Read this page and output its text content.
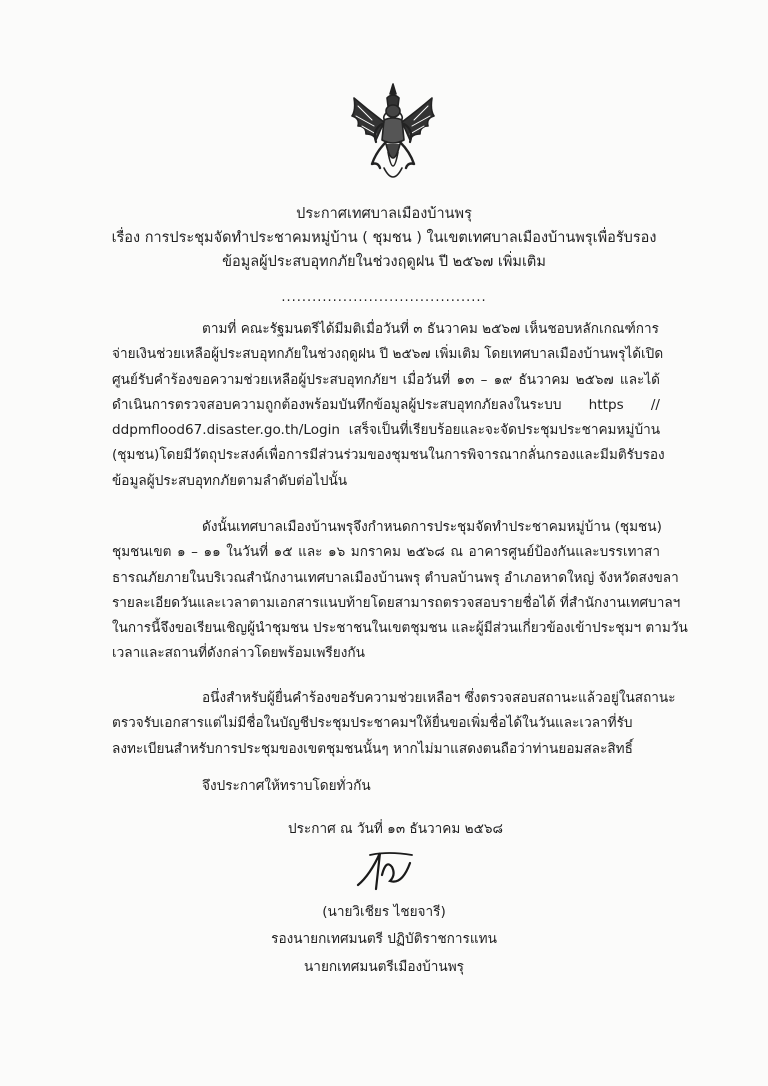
ประกาศเทศบาลเมืองบ้านพรุ
เรื่อง การประชุมจัดทำประชาคมหมู่บ้าน ( ชุมชน ) ในเขตเทศบาลเมืองบ้านพรุเพื่อรับรอง
ข้อมูลผู้ประสบอุทกภัยในช่วงฤดูฝน ปี ๒๕๖๗ เพิ่มเติม
........................................
ตามที่ คณะรัฐมนตรีได้มีมติเมื่อวันที่ ๓ ธันวาคม ๒๕๖๗ เห็นชอบหลักเกณฑ์การ
จ่ายเงินช่วยเหลือผู้ประสบอุทกภัยในช่วงฤดูฝน ปี ๒๕๖๗ เพิ่มเติม โดยเทศบาลเมืองบ้านพรุได้เปิด
ศูนย์รับคำร้องขอความช่วยเหลือผู้ประสบอุทกภัยฯ เมื่อวันที่ ๑๓ – ๑๙ ธันวาคม ๒๕๖๗ และได้
ดำเนินการตรวจสอบความถูกต้องพร้อมบันทึกข้อมูลผู้ประสบอุทกภัยลงในระบบ https //
ddpmflood67.disaster.go.th/Login เสร็จเป็นที่เรียบร้อยและจะจัดประชุมประชาคมหมู่บ้าน
(ชุมชน)โดยมีวัตถุประสงค์เพื่อการมีส่วนร่วมของชุมชนในการพิจารณากลั่นกรองและมีมติรับรอง
ข้อมูลผู้ประสบอุทกภัยตามลำดับต่อไปนั้น
ดังนั้นเทศบาลเมืองบ้านพรุจึงกำหนดการประชุมจัดทำประชาคมหมู่บ้าน (ชุมชน)
ชุมชนเขต ๑ – ๑๑ ในวันที่ ๑๕ และ ๑๖ มกราคม ๒๕๖๘ ณ อาคารศูนย์ป้องกันและบรรเทาสา
ธารณภัยภายในบริเวณสำนักงานเทศบาลเมืองบ้านพรุ ตำบลบ้านพรุ อำเภอหาดใหญ่ จังหวัดสงขลา
รายละเอียดวันและเวลาตามเอกสารแนบท้ายโดยสามารถตรวจสอบรายชื่อได้ ที่สำนักงานเทศบาลฯ
ในการนี้จึงขอเรียนเชิญผู้นำชุมชน ประชาชนในเขตชุมชน และผู้มีส่วนเกี่ยวข้องเข้าประชุมฯ ตามวัน
เวลาและสถานที่ดังกล่าวโดยพร้อมเพรียงกัน
อนึ่งสำหรับผู้ยื่นคำร้องขอรับความช่วยเหลือฯ ซึ่งตรวจสอบสถานะแล้วอยู่ในสถานะ
ตรวจรับเอกสารแต่ไม่มีชื่อในบัญชีประชุมประชาคมฯให้ยื่นขอเพิ่มชื่อได้ในวันและเวลาที่รับ
ลงทะเบียนสำหรับการประชุมของเขตชุมชนนั้นๆ หากไม่มาแสดงตนถือว่าท่านยอมสละสิทธิ์
จึงประกาศให้ทราบโดยทั่วกัน
ประกาศ ณ วันที่ ๑๓ ธันวาคม ๒๕๖๘
(นายวิเชียร ไชยจารี)
รองนายกเทศมนตรี ปฏิบัติราชการแทน
นายกเทศมนตรีเมืองบ้านพรุ
